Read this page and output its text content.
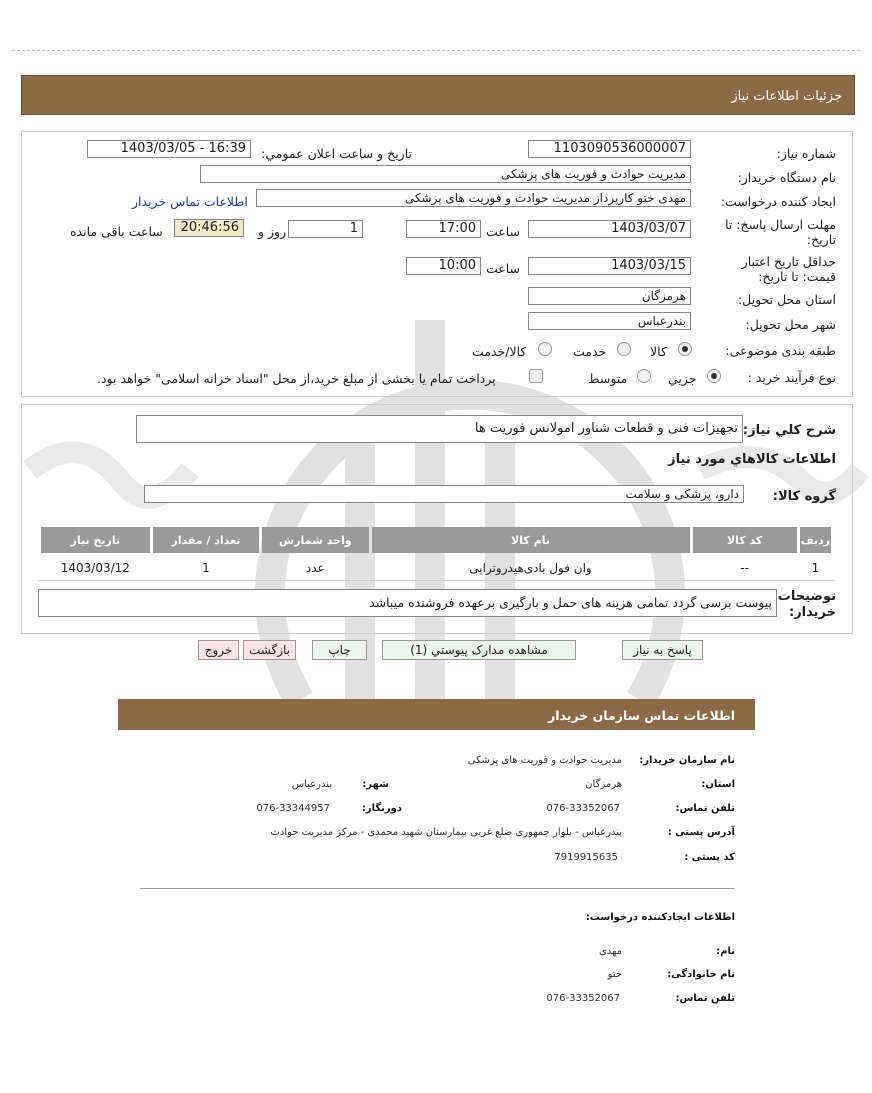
جزئیات اطلاعات نیاز
شماره نیاز:
1103090536000007
تاریخ و ساعت اعلان عمومي:
1403/03/05 - 16:39
نام دستگاه خریدار:
مدیریت حوادث و فوریت های پزشکی
ایجاد کننده درخواست:
مهدی ختو کارپرداز مدیریت حوادث و فوریت های پزشکی
اطلاعات تماس خریدار
مهلت ارسال پاسخ: تا تاریخ:
1403/03/07
ساعت
17:00
1
روز و
20:46:56
ساعت باقی مانده
حداقل تاریخ اعتبار قیمت: تا تاریخ:
1403/03/15
ساعت
10:00
استان محل تحویل:
هرمزگان
شهر محل تحویل:
بندرعباس
طبقه بندی موضوعی:
کالا
خدمت
کالا/خدمت
نوع فرآیند خرید :
جزیي
متوسط
پرداخت تمام یا بخشی از مبلغ خرید،از محل "اسناد خزانه اسلامی" خواهد بود.
شرح کلي نیاز:
تجهیزات فنی و قطعات شناور امولانس فوریت ها
اطلاعات کالاهاي مورد نیاز
گروه کالا:
دارو، پزشکی و سلامت
ردیف	کد کالا	نام کالا	واحد شمارش	تعداد / مقدار	تاریخ نیاز
1	--	وان فول بادی‌هیدروتراپی	عدد	1	1403/03/12
توضیحات خریدار:
پیوست برسی گردد تمامی هزینه های حمل و بارگیری برعهده فروشنده میباشد
پاسخ به نیاز
مشاهده مدارک پیوستي (1)
چاپ
بازگشت
خروج
اطلاعات تماس سازمان خریدار
نام سازمان خریدار:
مدیریت حوادث و فوریت های پزشکی
استان:
هرمزگان
شهر:
بندرعباس
تلفن تماس:
076-33352067
دورنگار:
076-33344957
آدرس پستی :
بندرعباس - بلوار جمهوری ضلع غربی بیمارستان شهید محمدی - مرکز مدیریت حوادث
کد پستی :
7919915635
اطلاعات ایجادکننده درخواست:
نام:
مهدی
نام خانوادگی:
ختو
تلفن تماس:
076-33352067
